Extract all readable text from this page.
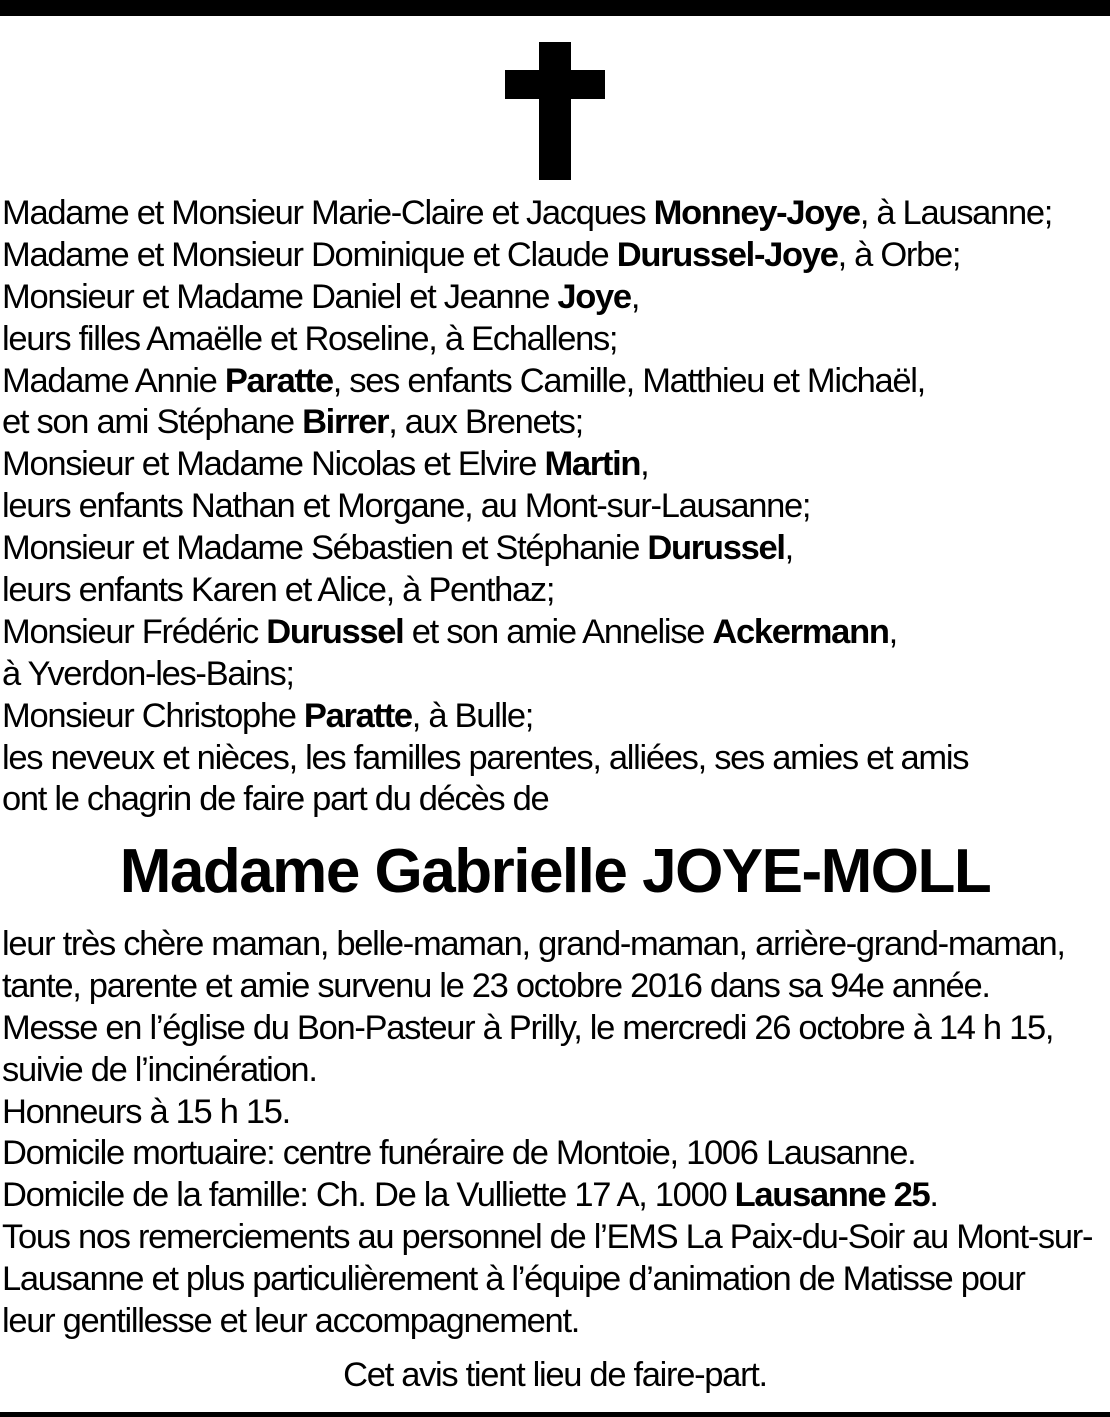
Madame et Monsieur Marie-Claire et Jacques Monney-Joye, à Lausanne;
Madame et Monsieur Dominique et Claude Durussel-Joye, à Orbe;
Monsieur et Madame Daniel et Jeanne Joye,
leurs filles Amaëlle et Roseline, à Echallens;
Madame Annie Paratte, ses enfants Camille, Matthieu et Michaël,
et son ami Stéphane Birrer, aux Brenets;
Monsieur et Madame Nicolas et Elvire Martin,
leurs enfants Nathan et Morgane, au Mont-sur-Lausanne;
Monsieur et Madame Sébastien et Stéphanie Durussel,
leurs enfants Karen et Alice, à Penthaz;
Monsieur Frédéric Durussel et son amie Annelise Ackermann,
à Yverdon-les-Bains;
Monsieur Christophe Paratte, à Bulle;
les neveux et nièces, les familles parentes, alliées, ses amies et amis
ont le chagrin de faire part du décès de
Madame Gabrielle JOYE-MOLL
leur très chère maman, belle-maman, grand-maman, arrière-grand-maman,
tante, parente et amie survenu le 23 octobre 2016 dans sa 94e année.
Messe en l’église du Bon-Pasteur à Prilly, le mercredi 26 octobre à 14 h 15,
suivie de l’incinération.
Honneurs à 15 h 15.
Domicile mortuaire: centre funéraire de Montoie, 1006 Lausanne.
Domicile de la famille: Ch. De la Vulliette 17 A, 1000 Lausanne 25.
Tous nos remerciements au personnel de l’EMS La Paix-du-Soir au Mont-sur-
Lausanne et plus particulièrement à l’équipe d’animation de Matisse pour
leur gentillesse et leur accompagnement.
Cet avis tient lieu de faire-part.
